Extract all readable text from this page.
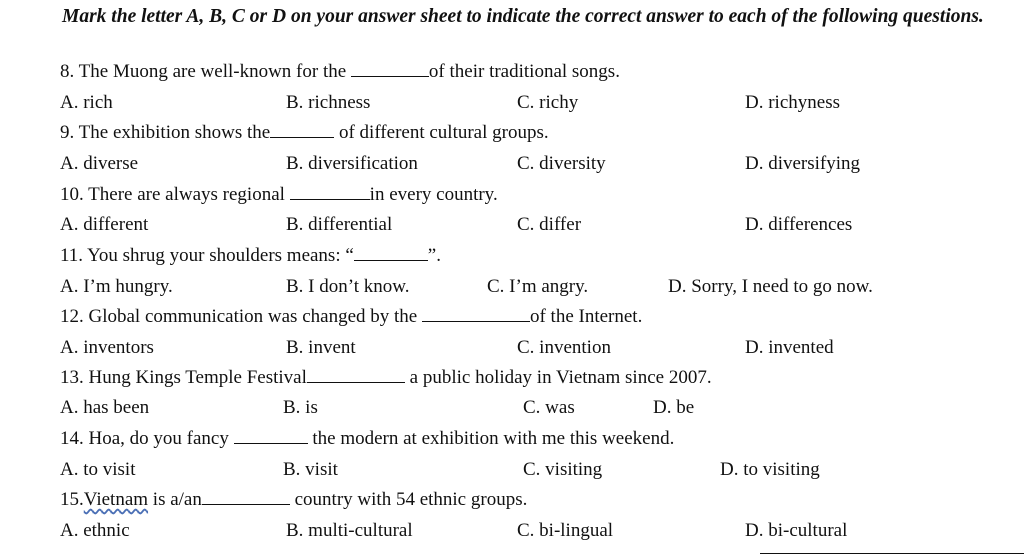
Mark the letter A, B, C or D on your answer sheet to indicate the correct answer to each of the following questions.
8. The Muong are well-known for the	of their traditional songs.
A. rich	B. richness	C. richy	D. richyness
9. The exhibition shows the	of different cultural groups.
A. diverse	B. diversification	C. diversity	D. diversifying
10. There are always regional	in every country.
A. different	B. differential	C. differ	D. differences
11. You shrug your shoulders means: “	”.
A. I’m hungry.	B. I don’t know.	C. I’m angry.	D. Sorry, I need to go now.
12. Global communication was changed by the	of the Internet.
A. inventors	B. invent	C. invention	D. invented
13. Hung Kings Temple Festival	a public holiday in Vietnam since 2007.
A. has been	B. is	C. was	D. be
14. Hoa, do you fancy	the modern at exhibition with me this weekend.
A. to visit	B. visit	C. visiting	D. to visiting
15.Vietnam is a/an	country with 54 ethnic groups.
A. ethnic	B. multi-cultural	C. bi-lingual	D. bi-cultural
